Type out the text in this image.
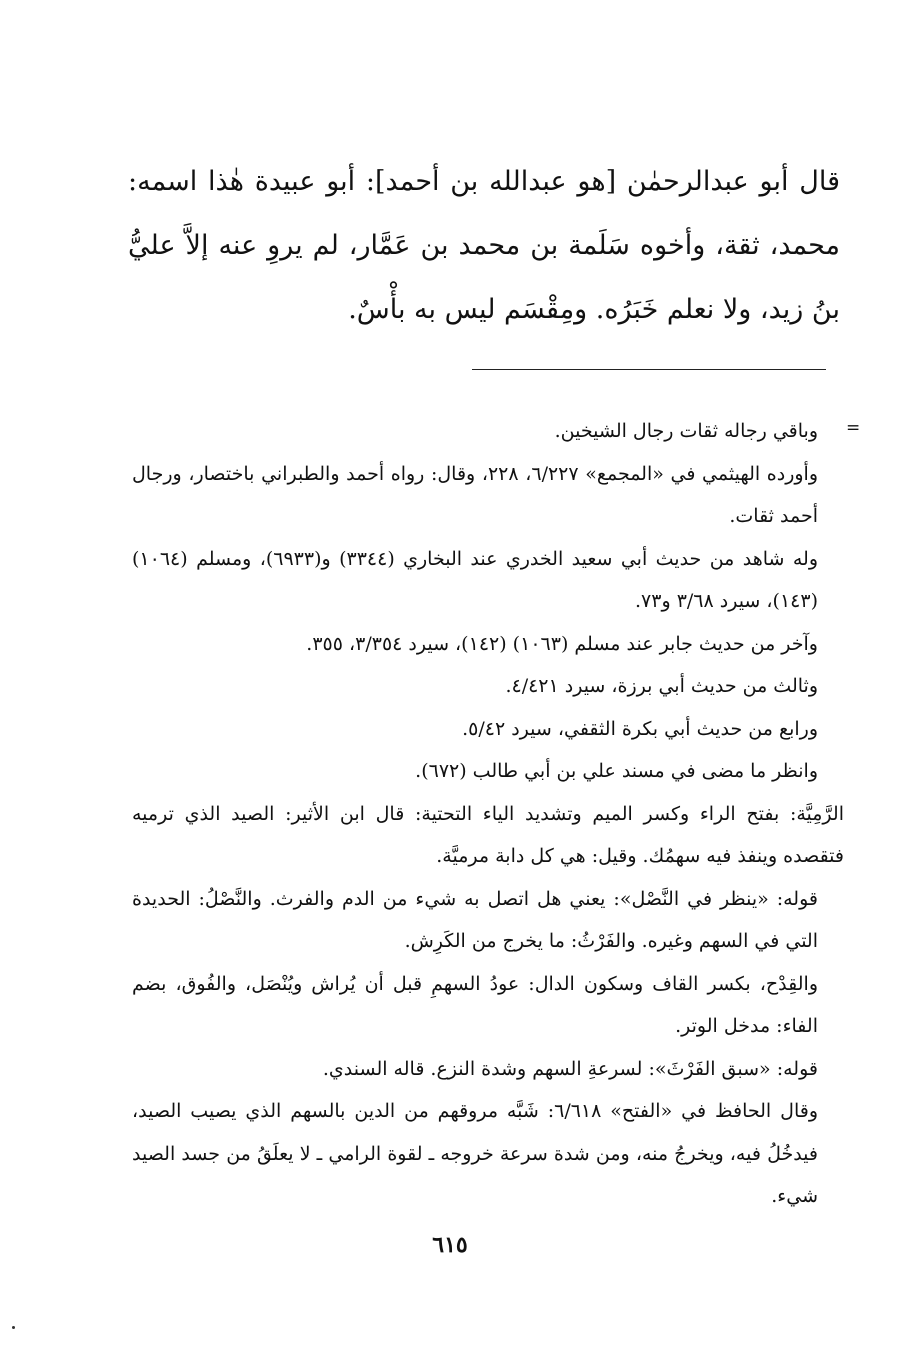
قال أبو عبدالرحمٰن [هو عبدالله بن أحمد]: أبو عبيدة هٰذا اسمه: محمد، ثقة، وأخوه سَلَمة بن محمد بن عَمَّار، لم يروِ عنه إلاَّ عليُّ بنُ زيد، ولا نعلم خَبَرُه. ومِقْسَم ليس به بأْسٌ.

=

وباقي رجاله ثقات رجال الشيخين.

وأورده الهيثمي في «المجمع» ٦/٢٢٧، ٢٢٨، وقال: رواه أحمد والطبراني باختصار، ورجال أحمد ثقات.

وله شاهد من حديث أبي سعيد الخدري عند البخاري (٣٣٤٤) و(٦٩٣٣)، ومسلم (١٠٦٤) (١٤٣)، سيرد ٣/٦٨ و٧٣.

وآخر من حديث جابر عند مسلم (١٠٦٣) (١٤٢)، سيرد ٣/٣٥٤، ٣٥٥.

وثالث من حديث أبي برزة، سيرد ٤/٤٢١.

ورابع من حديث أبي بكرة الثقفي، سيرد ٥/٤٢.

وانظر ما مضى في مسند علي بن أبي طالب (٦٧٢).

الرَّمِيَّة: بفتح الراء وكسر الميم وتشديد الياء التحتية: قال ابن الأثير: الصيد الذي ترميه فتقصده وينفذ فيه سهمُك. وقيل: هي كل دابة مرميَّة.

قوله: «ينظر في النَّصْل»: يعني هل اتصل به شيء من الدم والفرث. والنَّصْلُ: الحديدة التي في السهم وغيره. والفَرْثُ: ما يخرج من الكَرِش.

والقِدْح، بكسر القاف وسكون الدال: عودُ السهمِ قبل أن يُراش ويُنْصَل، والفُوق، بضم الفاء: مدخل الوتر.

قوله: «سبق الفَرْثَ»: لسرعةِ السهم وشدة النزع. قاله السندي.

وقال الحافظ في «الفتح» ٦/٦١٨: شَبَّه مروقهم من الدين بالسهم الذي يصيب الصيد، فيدخُلُ فيه، ويخرجُ منه، ومن شدة سرعة خروجه ـ لقوة الرامي ـ لا يعلَقُ من جسد الصيد شيء.

٦١٥
